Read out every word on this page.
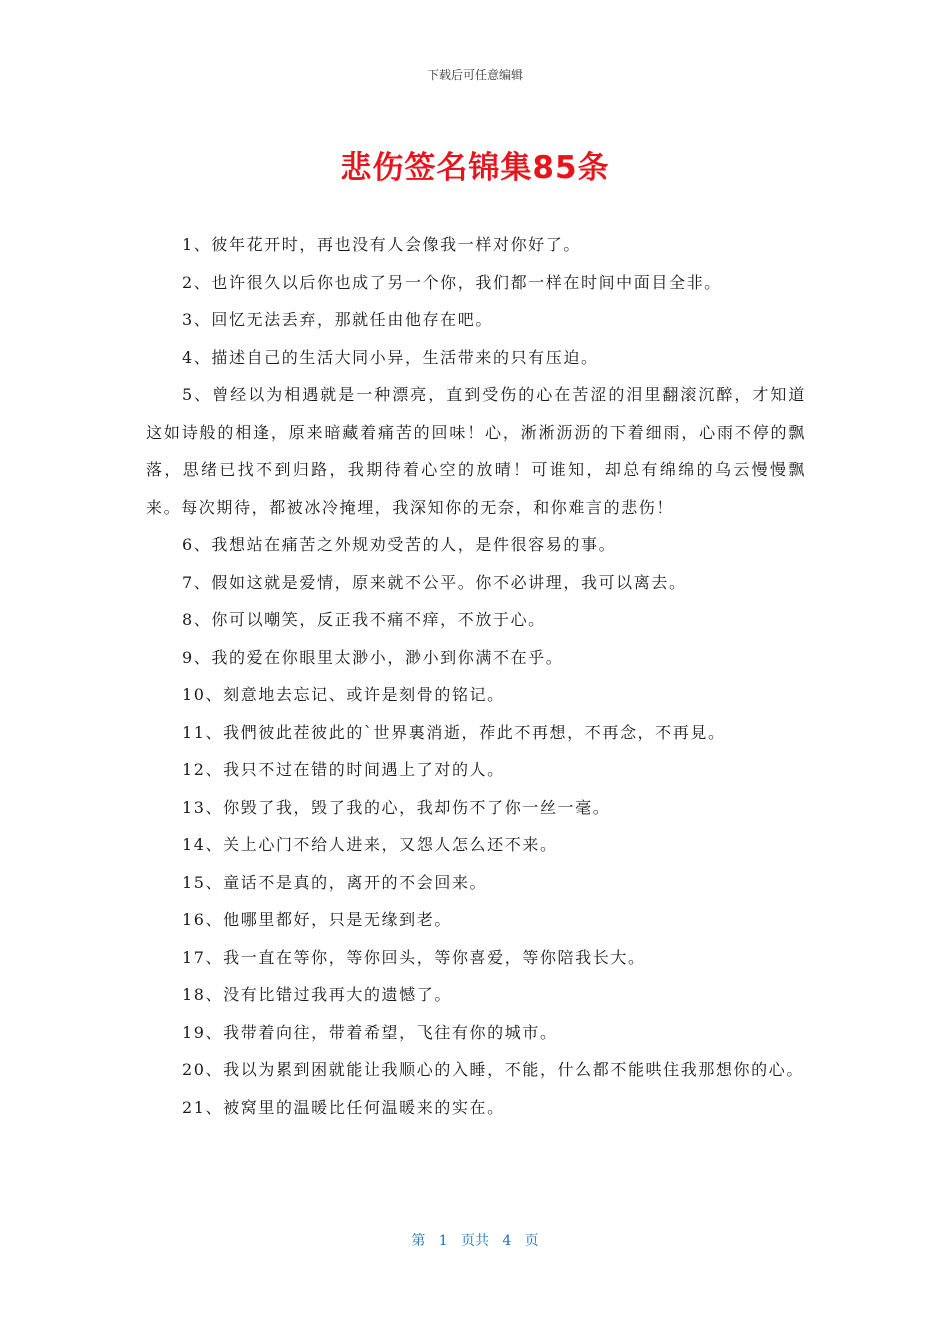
下载后可任意编辑
悲伤签名锦集85条

1、彼年花开时，再也没有人会像我一样对你好了。

2、也许很久以后你也成了另一个你，我们都一样在时间中面目全非。

3、回忆无法丢弃，那就任由他存在吧。

4、描述自己的生活大同小异，生活带来的只有压迫。

5、曾经以为相遇就是一种漂亮，直到受伤的心在苦涩的泪里翻滚沉醉，才知道这如诗般的相逢，原来暗藏着痛苦的回味！心，淅淅沥沥的下着细雨，心雨不停的飘落，思绪已找不到归路，我期待着心空的放晴！可谁知，却总有绵绵的乌云慢慢飘来。每次期待，都被冰冷掩埋，我深知你的无奈，和你难言的悲伤！

6、我想站在痛苦之外规劝受苦的人，是件很容易的事。

7、假如这就是爱情，原来就不公平。你不必讲理，我可以离去。

8、你可以嘲笑，反正我不痛不痒，不放于心。

9、我的爱在你眼里太渺小，渺小到你满不在乎。

10、刻意地去忘记、或许是刻骨的铭记。

11、我們彼此茬彼此的`世界裏消逝，莋此不再想，不再念，不再見。

12、我只不过在错的时间遇上了对的人。

13、你毁了我，毁了我的心，我却伤不了你一丝一毫。

14、关上心门不给人进来，又怨人怎么还不来。

15、童话不是真的，离开的不会回来。

16、他哪里都好，只是无缘到老。

17、我一直在等你，等你回头，等你喜爱，等你陪我长大。

18、没有比错过我再大的遗憾了。

19、我带着向往，带着希望，飞往有你的城市。

20、我以为累到困就能让我顺心的入睡，不能，什么都不能哄住我那想你的心。

21、被窝里的温暖比任何温暖来的实在。

第   1   页共   4   页
